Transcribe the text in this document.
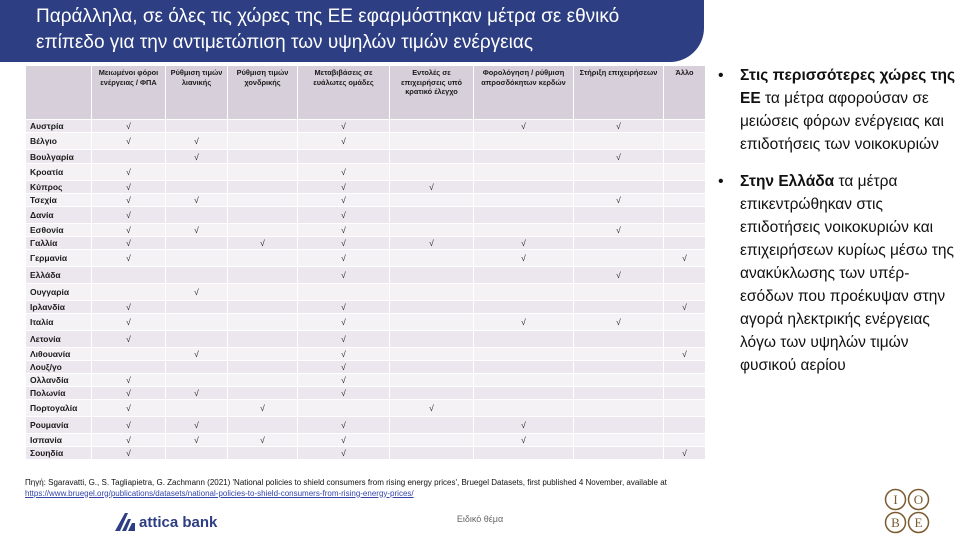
Παράλληλα, σε όλες τις χώρες της ΕΕ εφαρμόστηκαν μέτρα σε εθνικό
επίπεδο για την αντιμετώπιση των υψηλών τιμών ενέργειας
	Μειωμένοι φόροι ενέργειας / ΦΠΑ	Ρύθμιση τιμών λιανικής	Ρύθμιση τιμών χονδρικής	Μεταβιβάσεις σε ευάλωτες ομάδες	Εντολές σε επιχειρήσεις υπό κρατικό έλεγχο	Φορολόγηση / ρύθμιση απροσδόκητων κερδών	Στήριξη επιχειρήσεων	Άλλο
Αυστρία	√			√		√	√	
Βέλγιο	√	√		√				
Βουλγαρία		√					√	
Κροατία	√			√				
Κύπρος	√			√	√			
Τσεχία	√	√		√			√	
Δανία	√			√				
Εσθονία	√	√		√			√	
Γαλλία	√		√	√	√	√		
Γερμανία	√			√		√		√
Ελλάδα				√			√	
Ουγγαρία		√						
Ιρλανδία	√			√				√
Ιταλία	√			√		√	√	
Λετονία	√			√				
Λιθουανία		√		√				√
Λουξ/γο				√				
Ολλανδία	√			√				
Πολωνία	√	√		√				
Πορτογαλία	√		√		√			
Ρουμανία	√	√		√		√		
Ισπανία	√	√	√	√		√		
Σουηδία	√			√				√
• Στις περισσότερες χώρες της ΕΕ τα μέτρα αφορούσαν σε μειώσεις φόρων ενέργειας και επιδοτήσεις των νοικοκυριών

• Στην Ελλάδα τα μέτρα επικεντρώθηκαν στις επιδοτήσεις νοικοκυριών και επιχειρήσεων κυρίως μέσω της ανακύκλωσης των υπέρ-εσόδων που προέκυψαν στην αγορά ηλεκτρικής ενέργειας λόγω των υψηλών τιμών φυσικού αερίου

Πηγή: Sgaravatti, G., S. Tagliapietra, G. Zachmann (2021) 'National policies to shield consumers from rising energy prices', Bruegel Datasets, first published 4 November, available at
https://www.bruegel.org/publications/datasets/national-policies-to-shield-consumers-from-rising-energy-prices/
attica bank	Ειδικό θέμα
Ι Ο
Β Ε
